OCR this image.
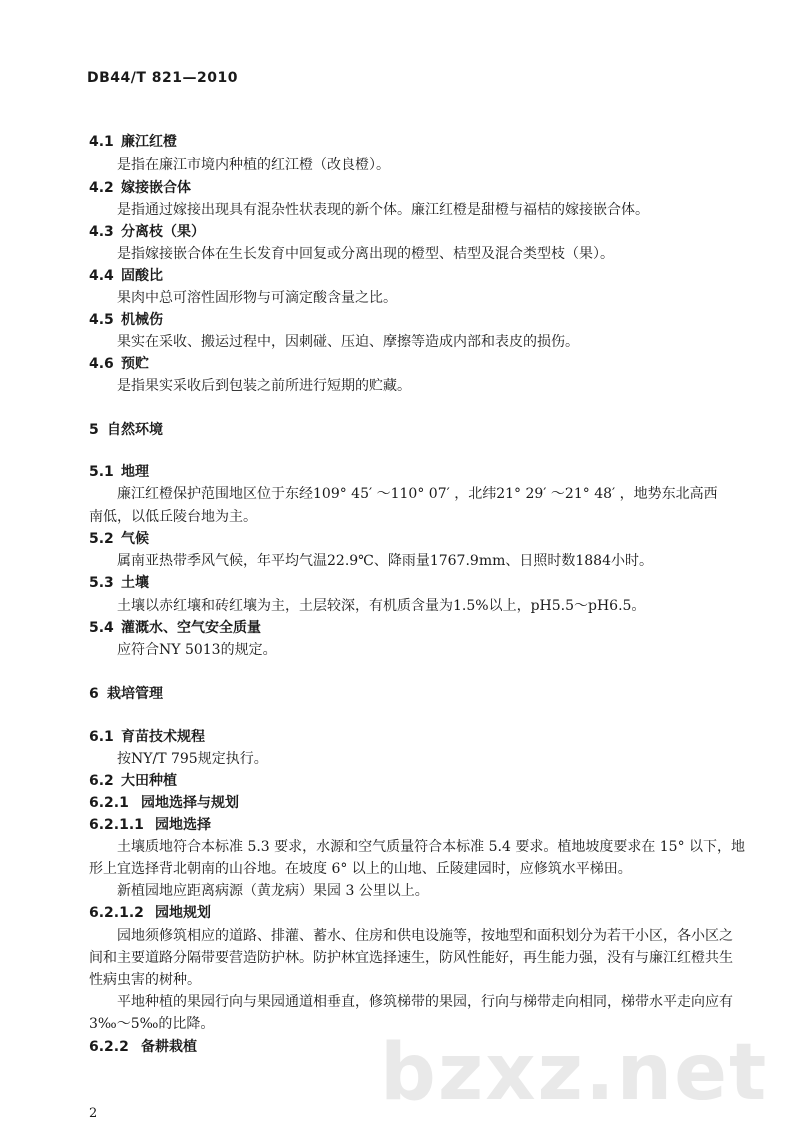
DB44/T 821—2010
4.1 廉江红橙
是指在廉江市境内种植的红江橙（改良橙）。
4.2 嫁接嵌合体
是指通过嫁接出现具有混杂性状表现的新个体。廉江红橙是甜橙与福桔的嫁接嵌合体。
4.3 分离枝（果）
是指嫁接嵌合体在生长发育中回复或分离出现的橙型、桔型及混合类型枝（果）。
4.4 固酸比
果肉中总可溶性固形物与可滴定酸含量之比。
4.5 机械伤
果实在采收、搬运过程中，因刺碰、压迫、摩擦等造成内部和表皮的损伤。
4.6 预贮
是指果实采收后到包装之前所进行短期的贮藏。
5 自然环境
5.1 地理
廉江红橙保护范围地区位于东经109° 45′ ～110° 07′ ，北纬21° 29′ ～21° 48′ ，地势东北高西
南低，以低丘陵台地为主。
5.2 气候
属南亚热带季风气候，年平均气温22.9℃、降雨量1767.9mm、日照时数1884小时。
5.3 土壤
土壤以赤红壤和砖红壤为主，土层较深，有机质含量为1.5%以上，pH5.5～pH6.5。
5.4 灌溉水、空气安全质量
应符合NY 5013的规定。
6 栽培管理
6.1 育苗技术规程
按NY/T 795规定执行。
6.2 大田种植
6.2.1 园地选择与规划
6.2.1.1 园地选择
土壤质地符合本标准 5.3 要求，水源和空气质量符合本标准 5.4 要求。植地坡度要求在 15° 以下，地
形上宜选择背北朝南的山谷地。在坡度 6° 以上的山地、丘陵建园时，应修筑水平梯田。
新植园地应距离病源（黄龙病）果园 3 公里以上。
6.2.1.2 园地规划
园地须修筑相应的道路、排灌、蓄水、住房和供电设施等，按地型和面积划分为若干小区，各小区之
间和主要道路分隔带要营造防护林。防护林宜选择速生，防风性能好，再生能力强，没有与廉江红橙共生
性病虫害的树种。
平地种植的果园行向与果园通道相垂直，修筑梯带的果园，行向与梯带走向相同，梯带水平走向应有
3‰～5‰的比降。
6.2.2 备耕栽植 bzxz.net
2
